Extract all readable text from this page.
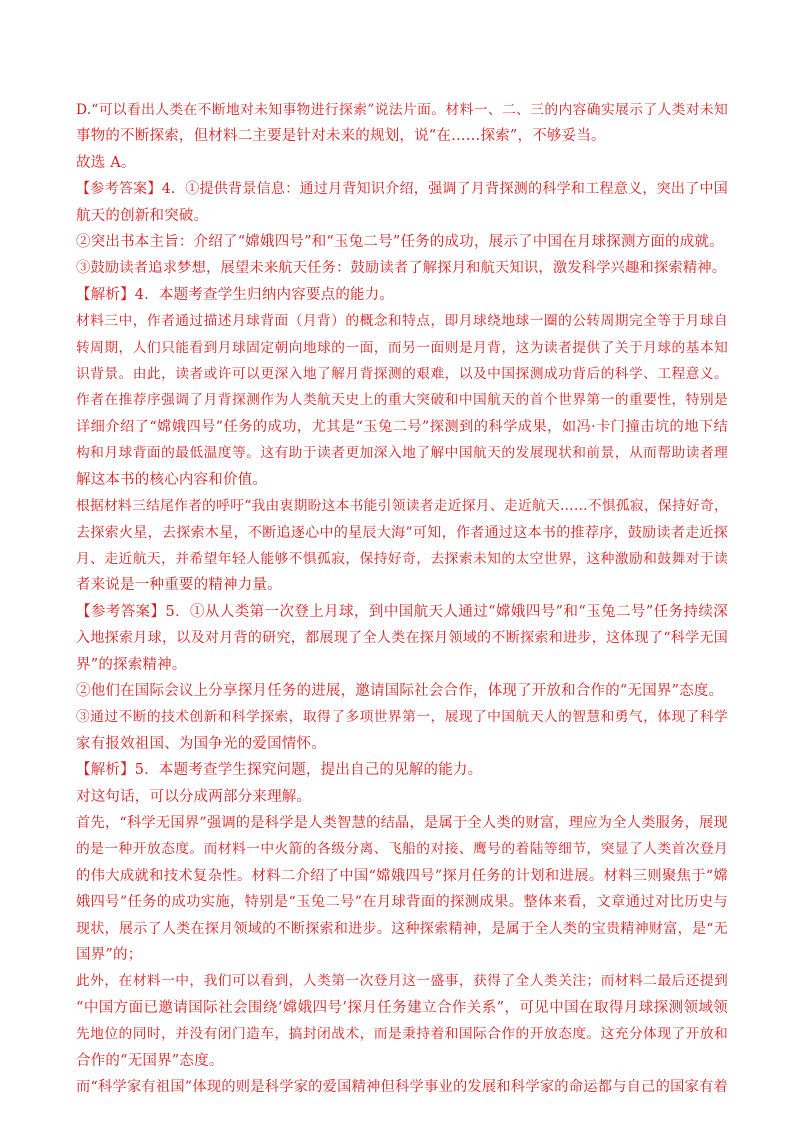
D.“可以看出人类在不断地对未知事物进行探索”说法片面。材料一、二、三的内容确实展示了人类对未知
事物的不断探索，但材料二主要是针对未来的规划，说“在……探索”，不够妥当。
故选 A。
【参考答案】4．①提供背景信息：通过月背知识介绍，强调了月背探测的科学和工程意义，突出了中国
航天的创新和突破。
②突出书本主旨：介绍了“嫦娥四号”和“玉兔二号”任务的成功，展示了中国在月球探测方面的成就。
③鼓励读者追求梦想，展望未来航天任务：鼓励读者了解探月和航天知识，激发科学兴趣和探索精神。
【解析】4．本题考查学生归纳内容要点的能力。
材料三中，作者通过描述月球背面（月背）的概念和特点，即月球绕地球一圈的公转周期完全等于月球自
转周期，人们只能看到月球固定朝向地球的一面，而另一面则是月背，这为读者提供了关于月球的基本知
识背景。由此，读者或许可以更深入地了解月背探测的艰难，以及中国探测成功背后的科学、工程意义。
作者在推荐序强调了月背探测作为人类航天史上的重大突破和中国航天的首个世界第一的重要性，特别是
详细介绍了“嫦娥四号”任务的成功，尤其是“玉兔二号”探测到的科学成果，如冯·卡门撞击坑的地下结
构和月球背面的最低温度等。这有助于读者更加深入地了解中国航天的发展现状和前景，从而帮助读者理
解这本书的核心内容和价值。
根据材料三结尾作者的呼吁“我由衷期盼这本书能引领读者走近探月、走近航天……不惧孤寂，保持好奇，
去探索火星，去探索木星，不断追逐心中的星辰大海”可知，作者通过这本书的推荐序，鼓励读者走近探
月、走近航天，并希望年轻人能够不惧孤寂，保持好奇，去探索未知的太空世界，这种激励和鼓舞对于读
者来说是一种重要的精神力量。
【参考答案】5．①从人类第一次登上月球，到中国航天人通过“嫦娥四号”和“玉兔二号”任务持续深
入地探索月球，以及对月背的研究，都展现了全人类在探月领域的不断探索和进步，这体现了“科学无国
界”的探索精神。
②他们在国际会议上分享探月任务的进展，邀请国际社会合作，体现了开放和合作的“无国界”态度。
③通过不断的技术创新和科学探索，取得了多项世界第一，展现了中国航天人的智慧和勇气，体现了科学
家有报效祖国、为国争光的爱国情怀。
【解析】5．本题考查学生探究问题，提出自己的见解的能力。
对这句话，可以分成两部分来理解。
首先，“科学无国界”强调的是科学是人类智慧的结晶，是属于全人类的财富，理应为全人类服务，展现
的是一种开放态度。而材料一中火箭的各级分离、飞船的对接、鹰号的着陆等细节，突显了人类首次登月
的伟大成就和技术复杂性。材料二介绍了中国“嫦娥四号”探月任务的计划和进展。材料三则聚焦于“嫦
娥四号”任务的成功实施，特别是“玉兔二号”在月球背面的探测成果。整体来看，文章通过对比历史与
现状，展示了人类在探月领域的不断探索和进步。这种探索精神，是属于全人类的宝贵精神财富，是“无
国界”的；
此外，在材料一中，我们可以看到，人类第一次登月这一盛事，获得了全人类关注；而材料二最后还提到
“中国方面已邀请国际社会围绕‘嫦娥四号’探月任务建立合作关系”，可见中国在取得月球探测领域领
先地位的同时，并没有闭门造车，搞封闭战术，而是秉持着和国际合作的开放态度。这充分体现了开放和
合作的“无国界”态度。
而“科学家有祖国”体现的则是科学家的爱国精神但科学事业的发展和科学家的命运都与自己的国家有着
